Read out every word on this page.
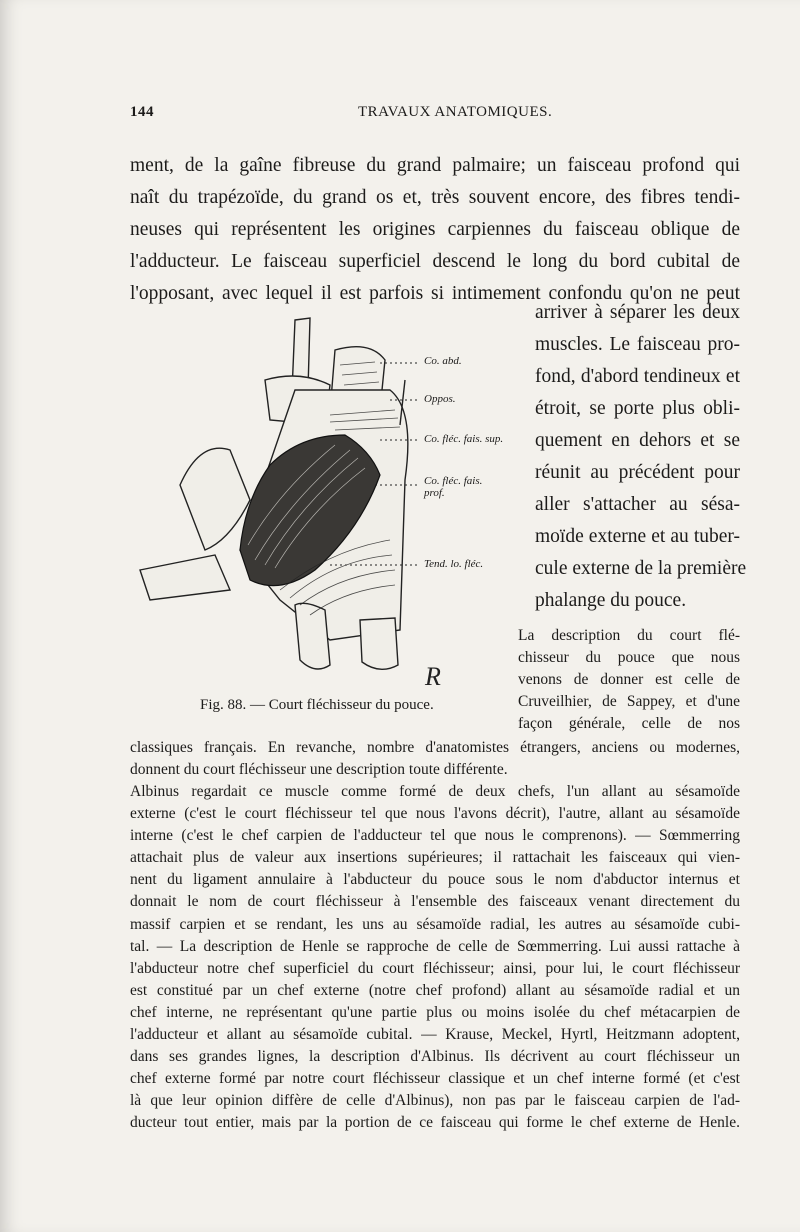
144	TRAVAUX ANATOMIQUES.
ment, de la gaîne fibreuse du grand palmaire; un faisceau profond qui
naît du trapézoïde, du grand os et, très souvent encore, des fibres tendi-
neuses qui représentent les origines carpiennes du faisceau oblique de
l'adducteur. Le faisceau superficiel descend le long du bord cubital de
l'opposant, avec lequel il est parfois si intimement confondu qu'on ne peut
R
Co. abd.
Oppos.
Co. fléc. fais. sup.
Co. fléc. fais. prof.
Tend. lo. fléc.
Fig. 88. — Court fléchisseur du pouce.
arriver à séparer les deux
muscles. Le faisceau pro-
fond, d'abord tendineux et
étroit, se porte plus obli-
quement en dehors et se
réunit au précédent pour
aller s'attacher au sésa-
moïde externe et au tuber-
cule externe de la première
phalange du pouce.
La description du court flé-
chisseur du pouce que nous
venons de donner est celle de
Cruveilhier, de Sappey, et d'une
façon générale, celle de nos
classiques français. En revanche, nombre d'anatomistes étrangers, anciens ou modernes,
donnent du court fléchisseur une description toute différente.
Albinus regardait ce muscle comme formé de deux chefs, l'un allant au sésamoïde
externe (c'est le court fléchisseur tel que nous l'avons décrit), l'autre, allant au sésamoïde
interne (c'est le chef carpien de l'adducteur tel que nous le comprenons). — Sœmmerring
attachait plus de valeur aux insertions supérieures; il rattachait les faisceaux qui vien-
nent du ligament annulaire à l'abducteur du pouce sous le nom d'abductor internus et
donnait le nom de court fléchisseur à l'ensemble des faisceaux venant directement du
massif carpien et se rendant, les uns au sésamoïde radial, les autres au sésamoïde cubi-
tal. — La description de Henle se rapproche de celle de Sœmmerring. Lui aussi rattache à
l'abducteur notre chef superficiel du court fléchisseur; ainsi, pour lui, le court fléchisseur
est constitué par un chef externe (notre chef profond) allant au sésamoïde radial et un
chef interne, ne représentant qu'une partie plus ou moins isolée du chef métacarpien de
l'adducteur et allant au sésamoïde cubital. — Krause, Meckel, Hyrtl, Heitzmann adoptent,
dans ses grandes lignes, la description d'Albinus. Ils décrivent au court fléchisseur un
chef externe formé par notre court fléchisseur classique et un chef interne formé (et c'est
là que leur opinion diffère de celle d'Albinus), non pas par le faisceau carpien de l'ad-
ducteur tout entier, mais par la portion de ce faisceau qui forme le chef externe de Henle.
